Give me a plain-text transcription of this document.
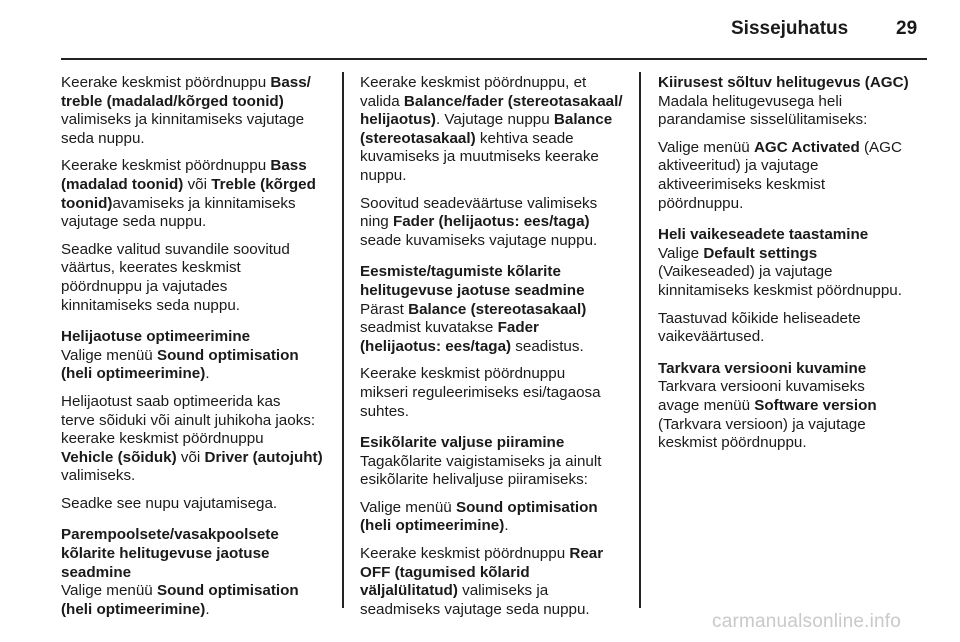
Sissejuhatus	29

Keerake keskmist pöördnuppu Bass/
treble (madalad/kõrged toonid)
valimiseks ja kinnitamiseks vajutage
seda nuppu.

Keerake keskmist pöördnuppu Bass
(madalad toonid) või Treble (kõrged
toonid)avamiseks ja kinnitamiseks
vajutage seda nuppu.

Seadke valitud suvandile soovitud
väärtus, keerates keskmist
pöördnuppu ja vajutades
kinnitamiseks seda nuppu.

Helijaotuse optimeerimine

Valige menüü Sound optimisation
(heli optimeerimine).

Helijaotust saab optimeerida kas
terve sõiduki või ainult juhikoha jaoks:
keerake keskmist pöördnuppu
Vehicle (sõiduk) või Driver (autojuht)
valimiseks.

Seadke see nupu vajutamisega.

Parempoolsete/vasakpoolsete
kõlarite helitugevuse jaotuse
seadmine

Valige menüü Sound optimisation
(heli optimeerimine).

Keerake keskmist pöördnuppu, et
valida Balance/fader (stereotasakaal/
helijaotus). Vajutage nuppu Balance
(stereotasakaal) kehtiva seade
kuvamiseks ja muutmiseks keerake
nuppu.

Soovitud seadeväärtuse valimiseks
ning Fader (helijaotus: ees/taga)
seade kuvamiseks vajutage nuppu.

Eesmiste/tagumiste kõlarite
helitugevuse jaotuse seadmine

Pärast Balance (stereotasakaal)
seadmist kuvatakse Fader
(helijaotus: ees/taga) seadistus.

Keerake keskmist pöördnuppu
mikseri reguleerimiseks esi/tagaosa
suhtes.

Esikõlarite valjuse piiramine

Tagakõlarite vaigistamiseks ja ainult
esikõlarite helivaljuse piiramiseks:

Valige menüü Sound optimisation
(heli optimeerimine).

Keerake keskmist pöördnuppu Rear
OFF (tagumised kõlarid
väljalülitatud) valimiseks ja
seadmiseks vajutage seda nuppu.

Kiirusest sõltuv helitugevus (AGC)

Madala helitugevusega heli
parandamise sisselülitamiseks:

Valige menüü AGC Activated (AGC
aktiveeritud) ja vajutage
aktiveerimiseks keskmist
pöördnuppu.

Heli vaikeseadete taastamine

Valige Default settings
(Vaikeseaded) ja vajutage
kinnitamiseks keskmist pöördnuppu.

Taastuvad kõikide heliseadete
vaikeväärtused.

Tarkvara versiooni kuvamine

Tarkvara versiooni kuvamiseks
avage menüü Software version
(Tarkvara versioon) ja vajutage
keskmist pöördnuppu.

carmanualsonline.info
